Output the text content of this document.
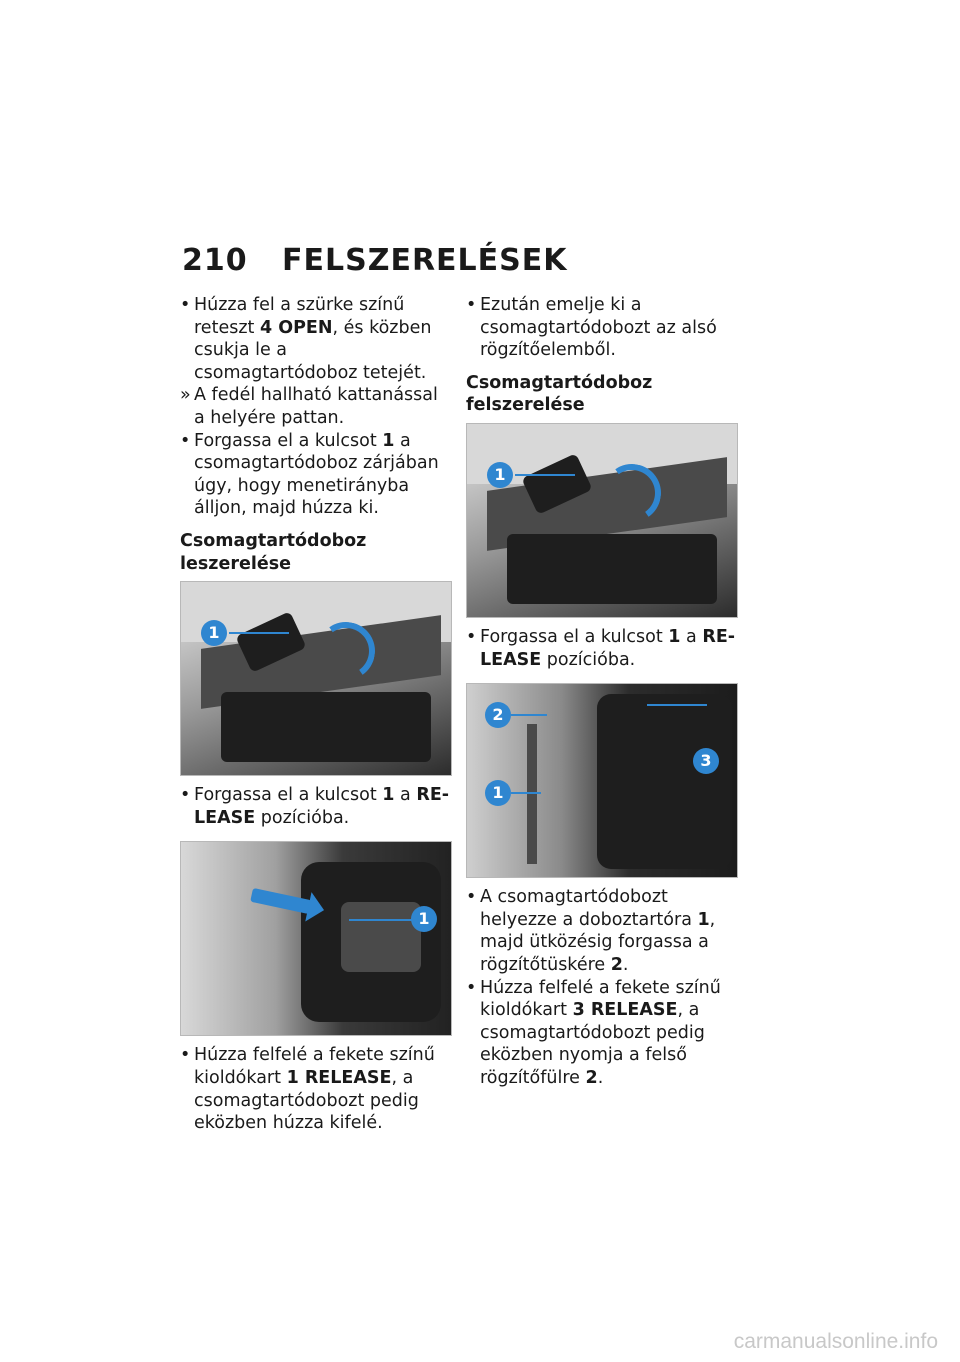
210 FELSZERELÉSEK

•
Húzza fel a szürke színű reteszt 4 OPEN, és közben csukja le a csomagtartódoboz tetejét.

»
A fedél hallható kattanással a helyére pattan.

•
Forgassa el a kulcsot 1 a csomagtartódoboz zárjában úgy, hogy menetirányba álljon, majd húzza ki.

Csomagtartódoboz leszerelése
1

•
Forgassa el a kulcsot 1 a RELEASE pozícióba.

1

•
Húzza felfelé a fekete színű kioldókart 1 RELEASE, a csomagtartódobozt pedig eközben húzza kifelé.

•
Ezután emelje ki a csomagtartódobozt az alsó rögzítőelemből.

Csomagtartódoboz felszerelése
1

•
Forgassa el a kulcsot 1 a RELEASE pozícióba.

2
1
3

•
A csomagtartódobozt helyezze a doboztartóra 1, majd ütközésig forgassa a rögzítőtüskére 2.

•
Húzza felfelé a fekete színű kioldókart 3 RELEASE, a csomagtartódobozt pedig eközben nyomja a felső rögzítőfülre 2.

carmanualsonline.info
